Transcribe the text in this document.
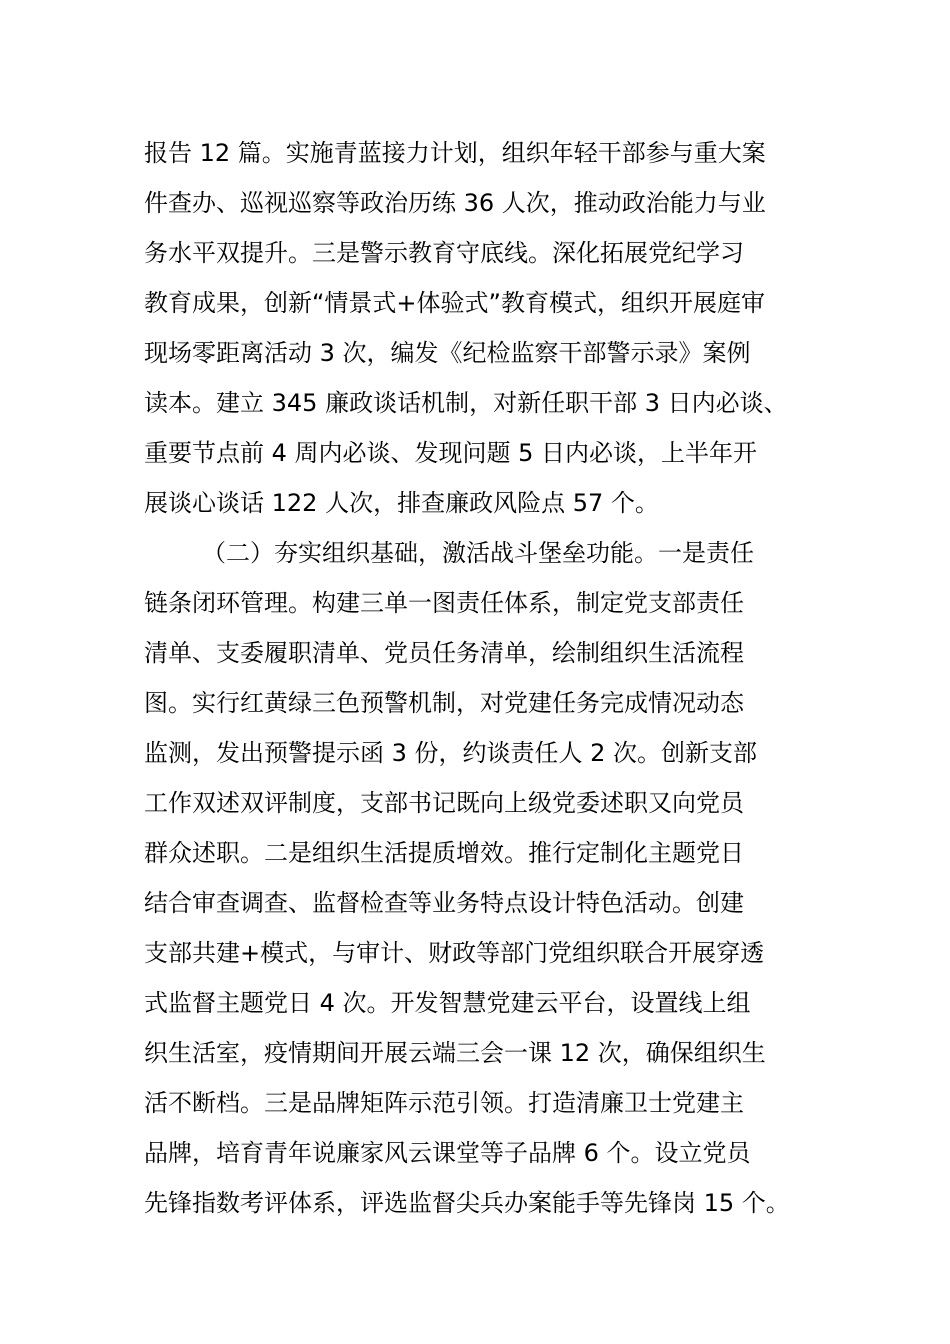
报告 12 篇。实施青蓝接力计划，组织年轻干部参与重大案
件查办、巡视巡察等政治历练 36 人次，推动政治能力与业
务水平双提升。三是警示教育守底线。深化拓展党纪学习
教育成果，创新“情景式+体验式”教育模式，组织开展庭审
现场零距离活动 3 次，编发《纪检监察干部警示录》案例
读本。建立 345 廉政谈话机制，对新任职干部 3 日内必谈、
重要节点前 4 周内必谈、发现问题 5 日内必谈，上半年开
展谈心谈话 122 人次，排查廉政风险点 57 个。
（二）夯实组织基础，激活战斗堡垒功能。一是责任
链条闭环管理。构建三单一图责任体系，制定党支部责任
清单、支委履职清单、党员任务清单，绘制组织生活流程
图。实行红黄绿三色预警机制，对党建任务完成情况动态
监测，发出预警提示函 3 份，约谈责任人 2 次。创新支部
工作双述双评制度，支部书记既向上级党委述职又向党员
群众述职。二是组织生活提质增效。推行定制化主题党日
结合审查调查、监督检查等业务特点设计特色活动。创建
支部共建+模式，与审计、财政等部门党组织联合开展穿透
式监督主题党日 4 次。开发智慧党建云平台，设置线上组
织生活室，疫情期间开展云端三会一课 12 次，确保组织生
活不断档。三是品牌矩阵示范引领。打造清廉卫士党建主
品牌，培育青年说廉家风云课堂等子品牌 6 个。设立党员
先锋指数考评体系，评选监督尖兵办案能手等先锋岗 15 个。
